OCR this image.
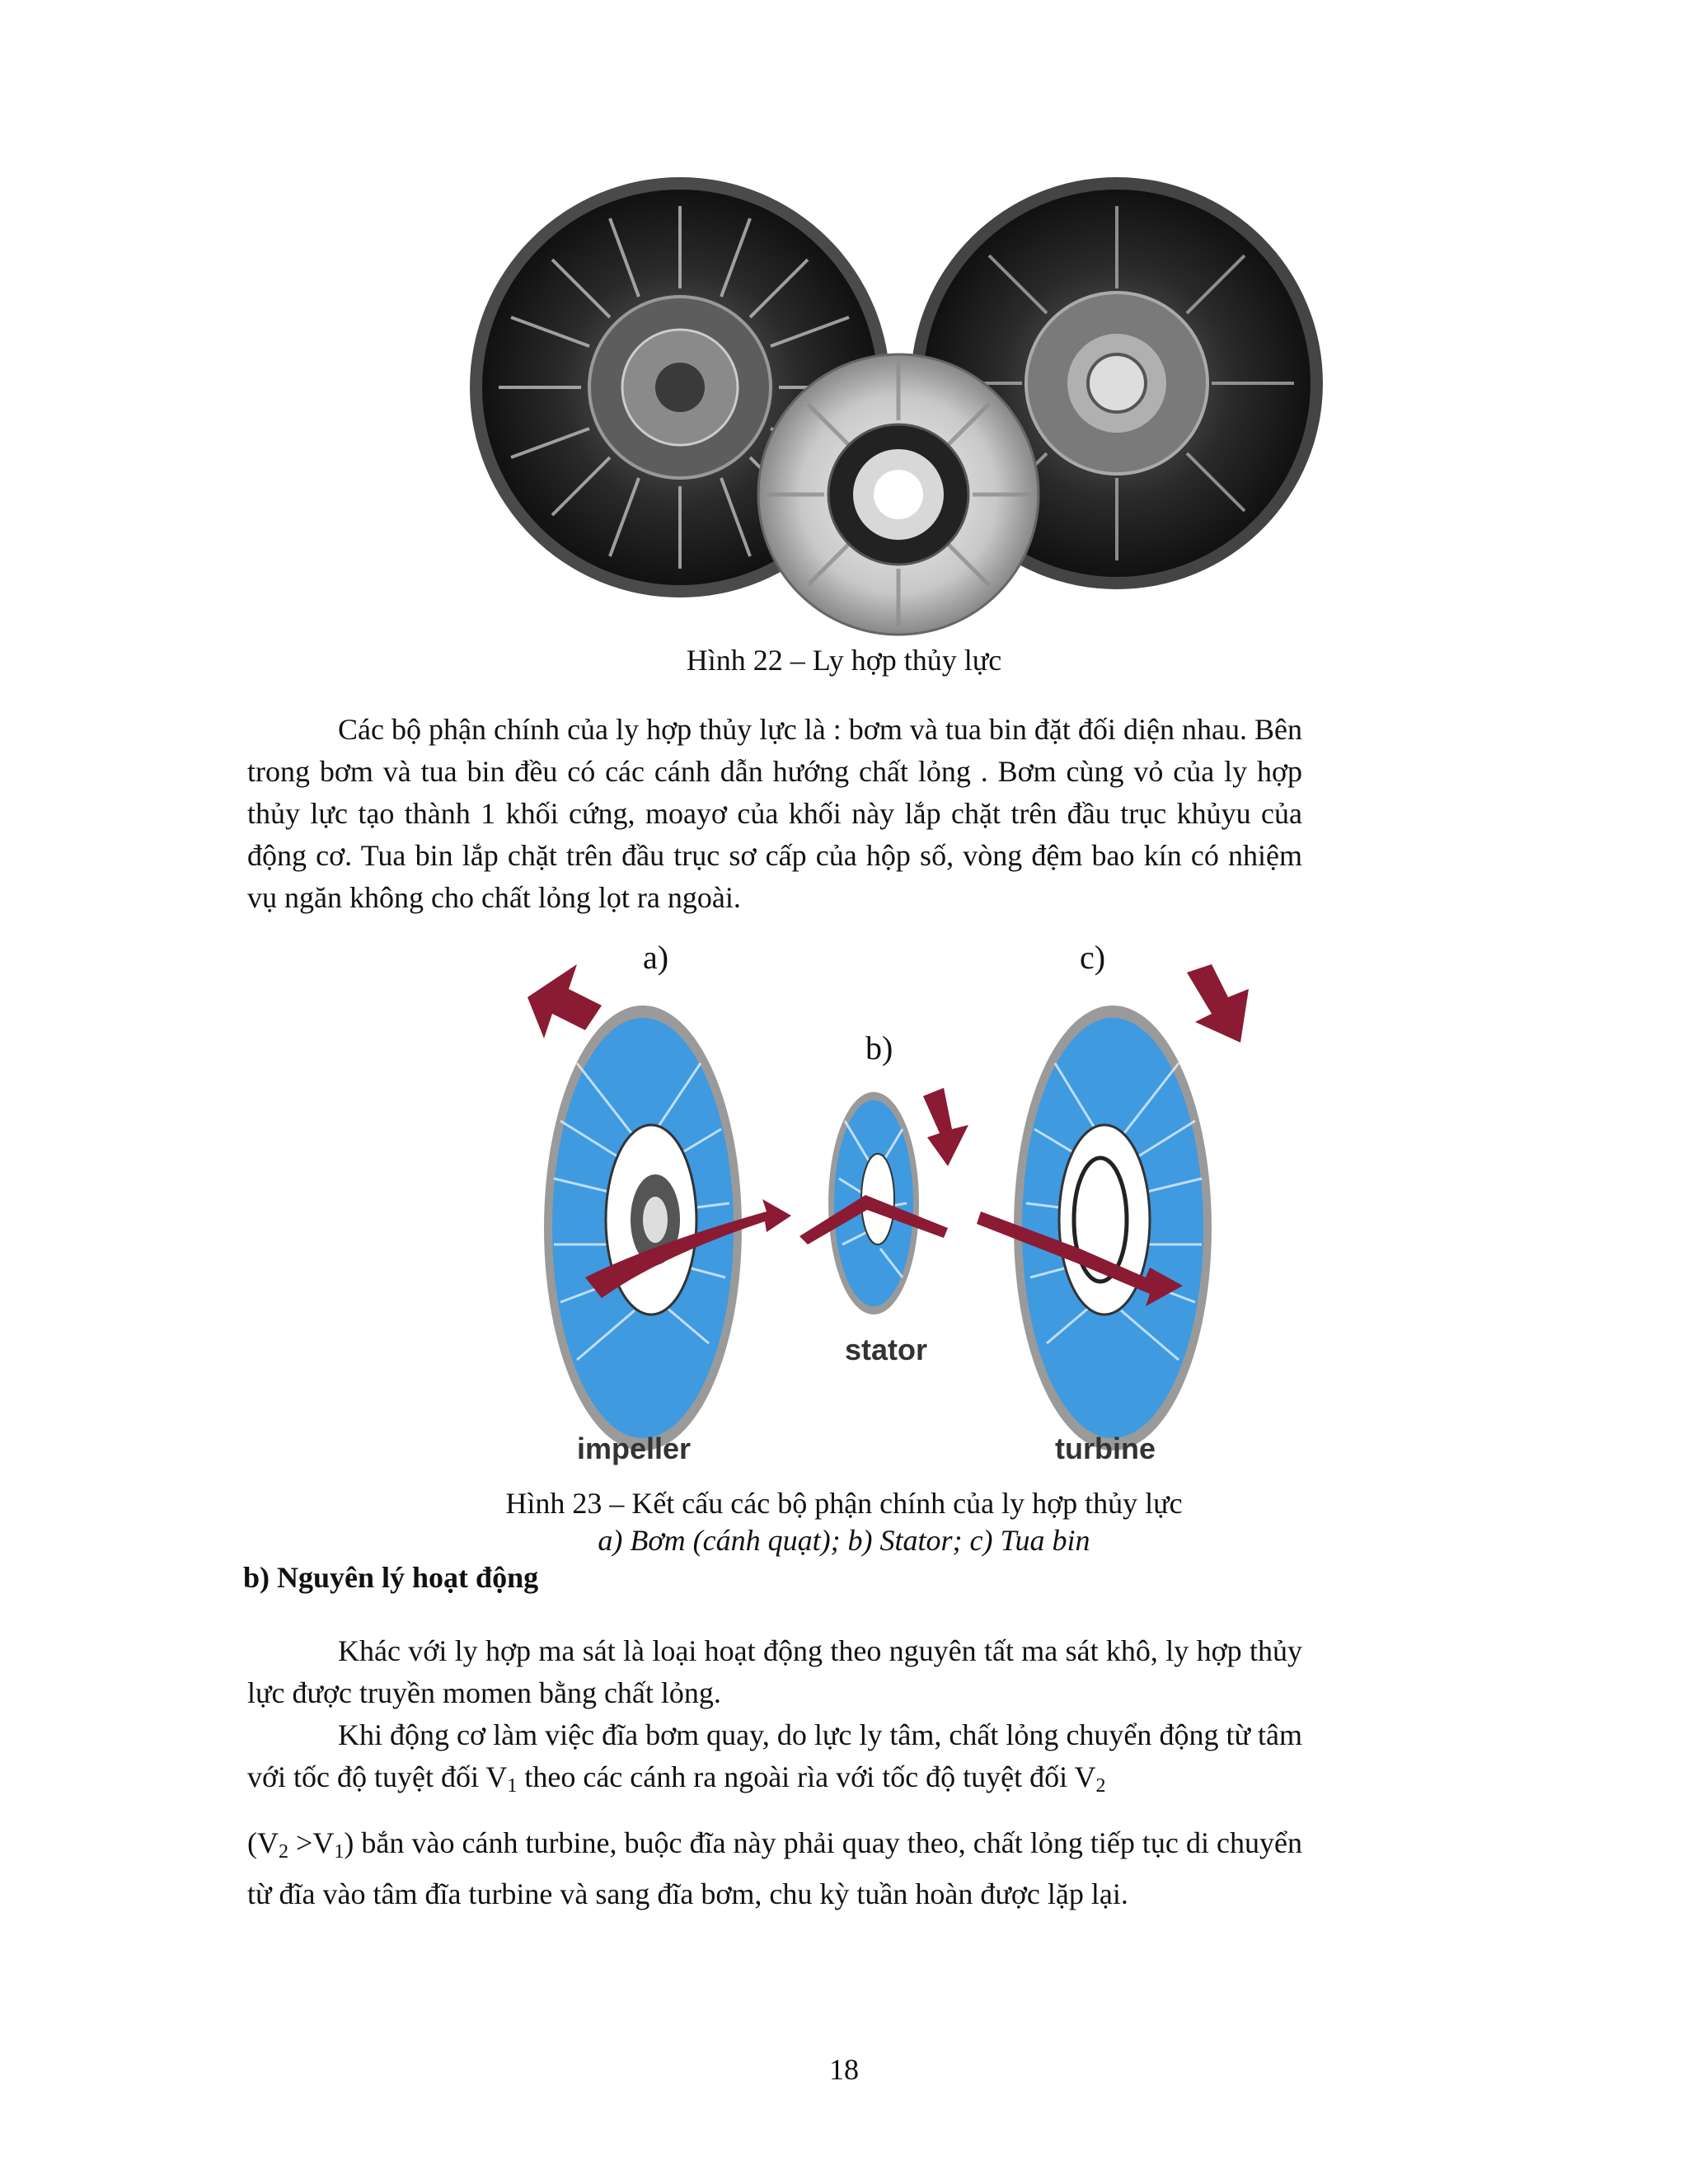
Hình 22 – Ly hợp thủy lực

Các bộ phận chính của ly hợp thủy lực là : bơm và tua bin đặt đối diện nhau. Bên trong bơm và tua bin đều có các cánh dẫn hướng chất lỏng . Bơm cùng vỏ của ly hợp thủy lực tạo thành 1 khối cứng, moayơ của khối này lắp chặt trên đầu trục khủyu của động cơ. Tua bin lắp chặt trên đầu trục sơ cấp của hộp số, vòng đệm bao kín có nhiệm vụ ngăn không cho chất lỏng lọt ra ngoài.

a)
b)
c)
stator
impeller	turbine
Hình 23 – Kết cấu các bộ phận chính của ly hợp thủy lực
a) Bơm (cánh quạt); b) Stator; c) Tua bin
b) Nguyên lý hoạt động

Khác với ly hợp ma sát là loại hoạt động theo nguyên tất ma sát khô, ly hợp thủy lực được truyền momen bằng chất lỏng.

Khi động cơ làm việc đĩa bơm quay, do lực ly tâm, chất lỏng chuyển động từ tâm với tốc độ tuyệt đối $V_1$ theo các cánh ra ngoài rìa với tốc độ tuyệt đối $V_2$

$(V_2 >V_1)$ bắn vào cánh turbine, buộc đĩa này phải quay theo, chất lỏng tiếp tục di chuyển từ đĩa vào tâm đĩa turbine và sang đĩa bơm, chu kỳ tuần hoàn được lặp lại.

18
